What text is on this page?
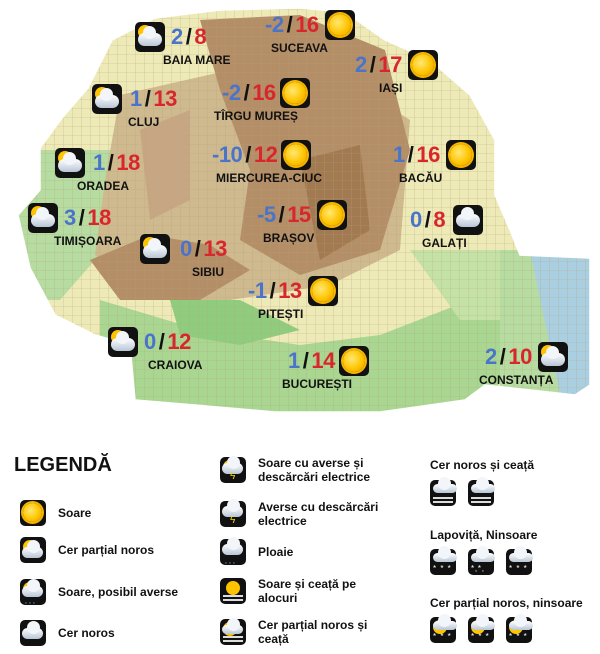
2 / 8
BAIA MARE
-2 / 16
SUCEAVA
2 / 17
IAȘI
1 / 13
CLUJ
-2 / 16
TÎRGU MUREȘ
1 / 18
ORADEA
-10 / 12
MIERCUREA-CIUC
1 / 16
BACĂU
3 / 18
TIMIȘOARA	0 / 13
SIBIU
-5 / 15
BRAȘOV
0 / 8
GALAȚI
-1 / 13
PITEȘTI
0 / 12
CRAIOVA	1 / 14
BUCUREȘTI
2 / 10
CONSTANȚA
LEGENDĂ
Soare
Cer parțial noros
‚ ‚ ‚
Soare, posibil averse
Cer noros
ϟ
Soare cu averse și descărcări electrice
ϟ
Averse cu descărcări electrice
‚ ‚ ‚
Ploaie
Soare și ceață pe alocuri
Cer parțial noros și ceață
Cer noros și ceață
Lapoviță, Ninsoare
* * * *‚*‚	* * *
Cer parțial noros, ninsoare
* * * * * * * * *
